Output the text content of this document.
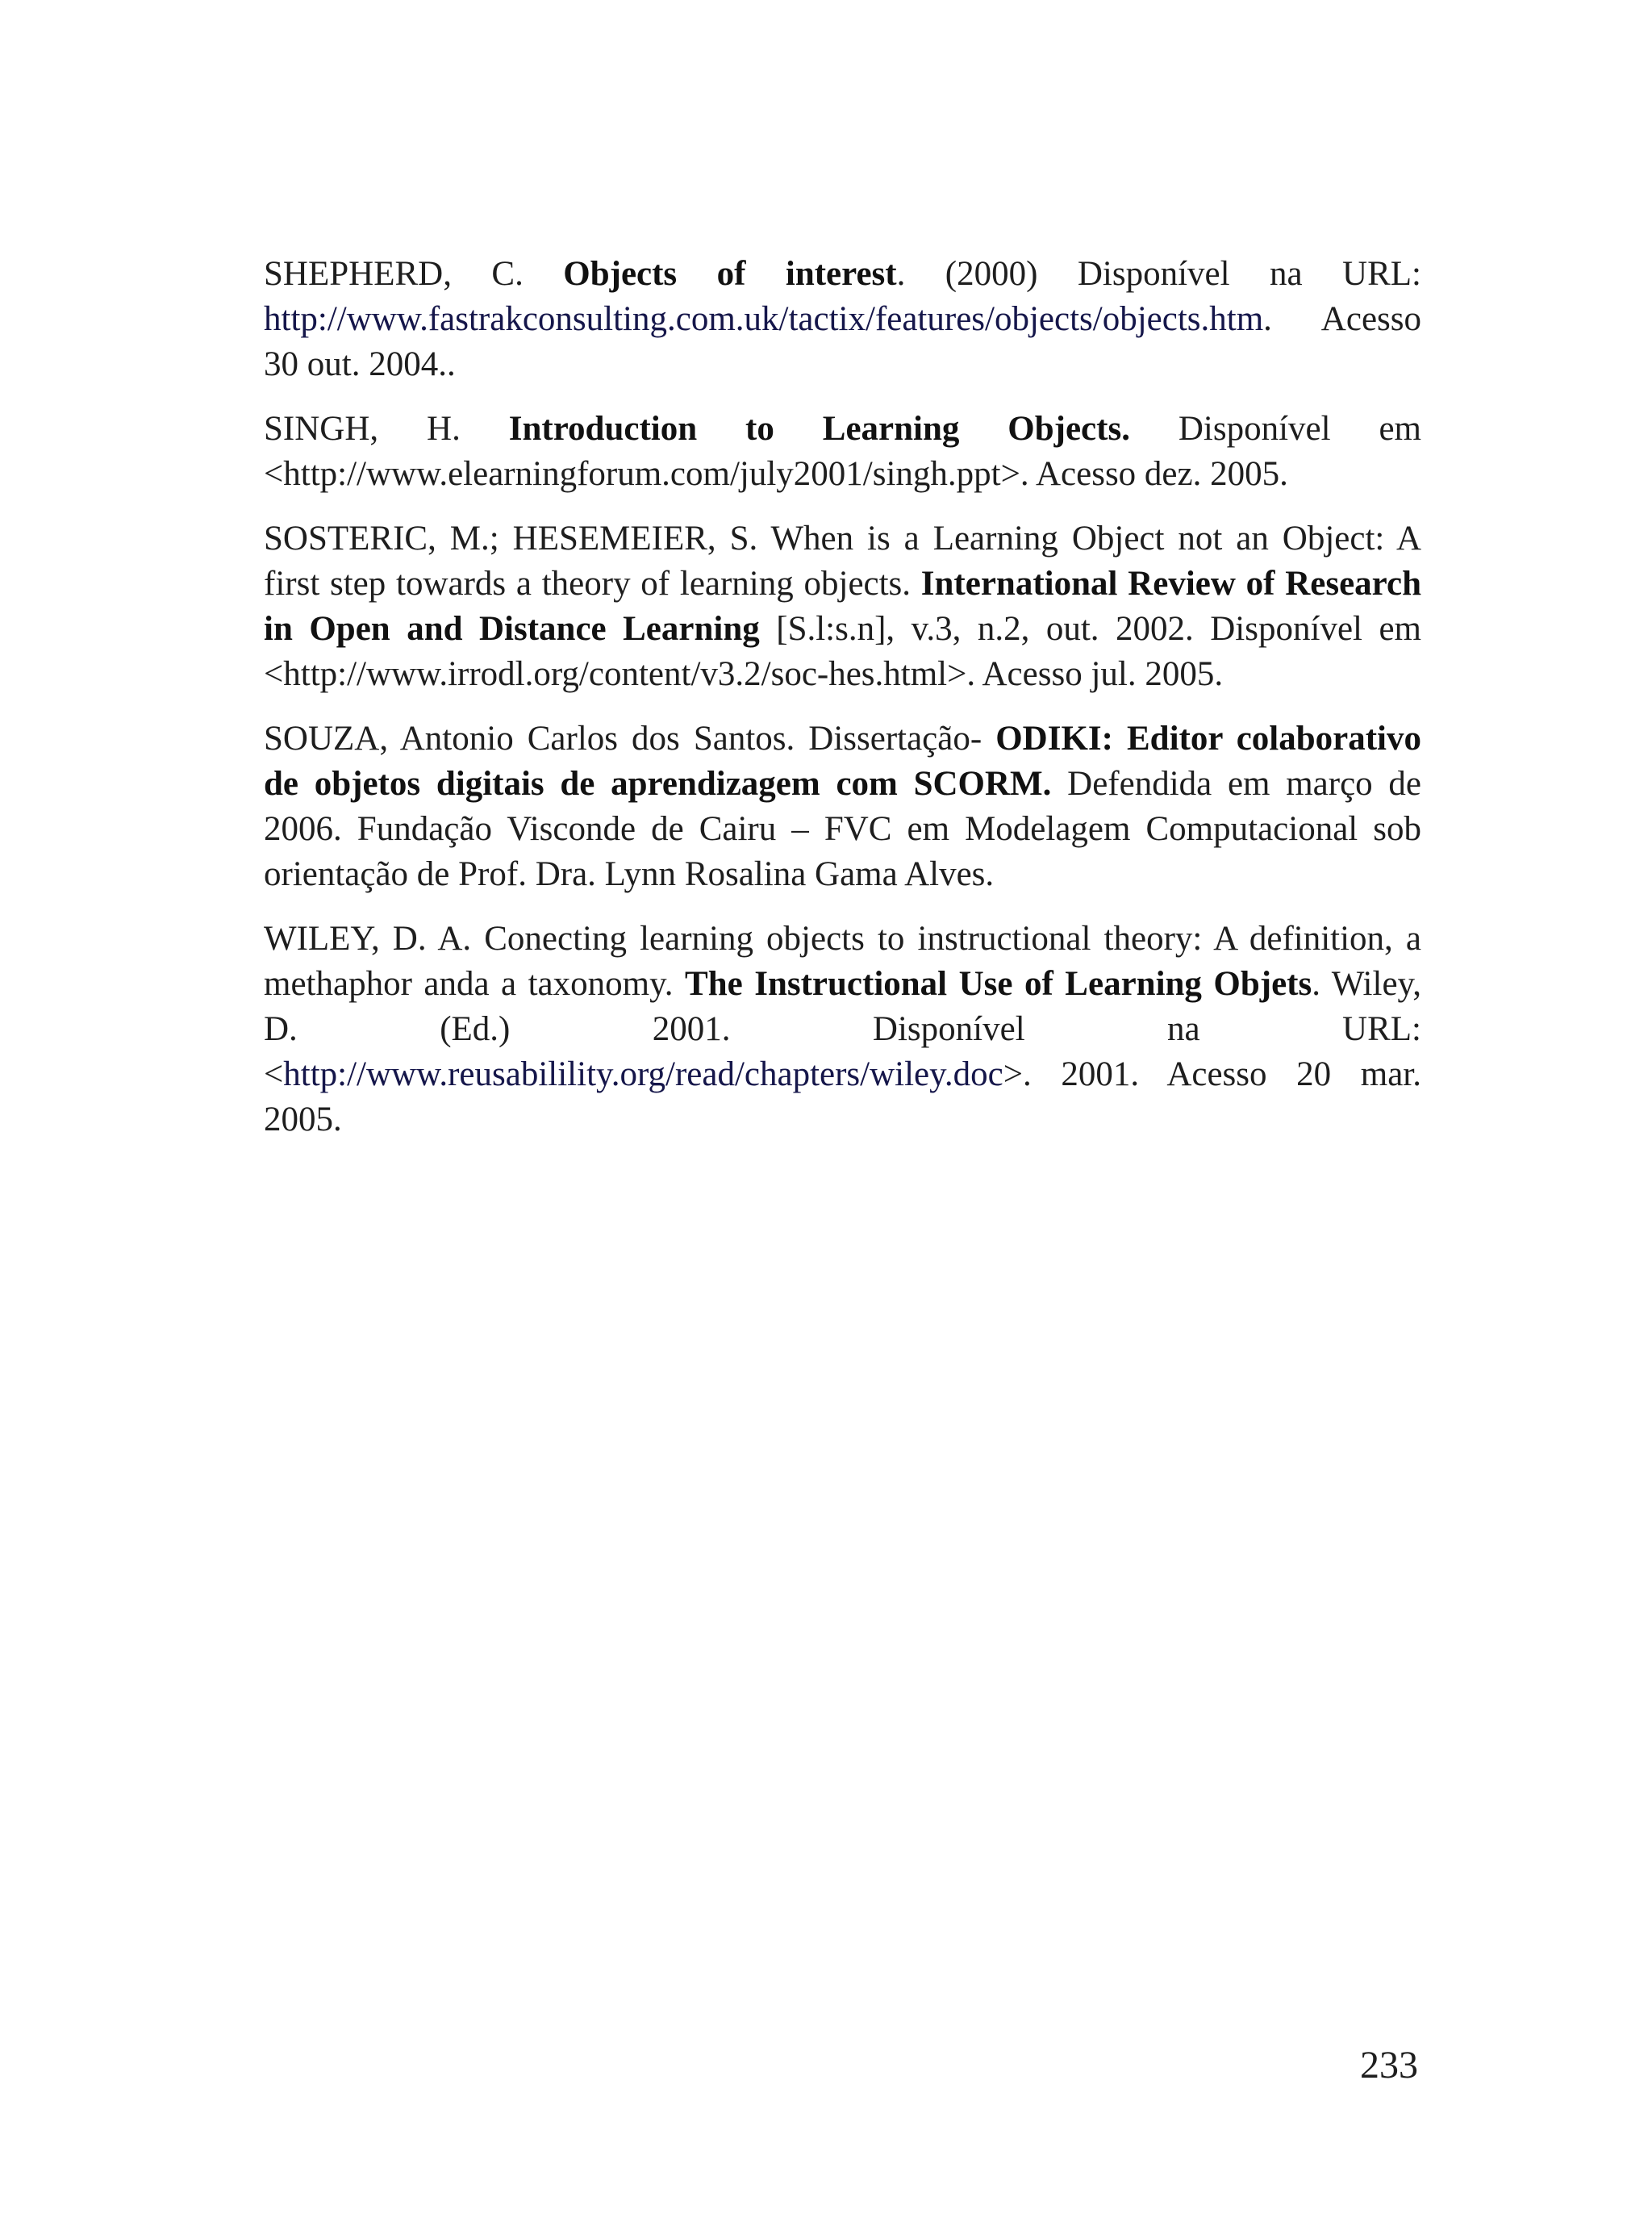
SHEPHERD, C. Objects of interest. (2000) Disponível na URL: http://www.fastrakconsulting.com.uk/tactix/features/objects/objects.htm. Acesso 30 out. 2004..

SINGH, H. Introduction to Learning Objects. Disponível em <http://www.elearningforum.com/july2001/singh.ppt>. Acesso dez. 2005.

SOSTERIC, M.; HESEMEIER, S. When is a Learning Object not an Object: A first step towards a theory of learning objects. International Review of Research in Open and Distance Learning [S.l:s.n], v.3, n.2, out. 2002. Disponível em <http://www.irrodl.org/content/v3.2/soc-hes.html>. Acesso jul. 2005.

SOUZA, Antonio Carlos dos Santos. Dissertação- ODIKI: Editor colaborativo de objetos digitais de aprendizagem com SCORM. Defendida em março de 2006. Fundação Visconde de Cairu – FVC em Modelagem Computacional sob orientação de Prof. Dra. Lynn Rosalina Gama Alves.

WILEY, D. A. Conecting learning objects to instructional theory: A definition, a methaphor anda a taxonomy. The Instructional Use of Learning Objets. Wiley, D. (Ed.) 2001. Disponível na URL: <http://www.reusabilility.org/read/chapters/wiley.doc>. 2001. Acesso 20 mar. 2005.

233
